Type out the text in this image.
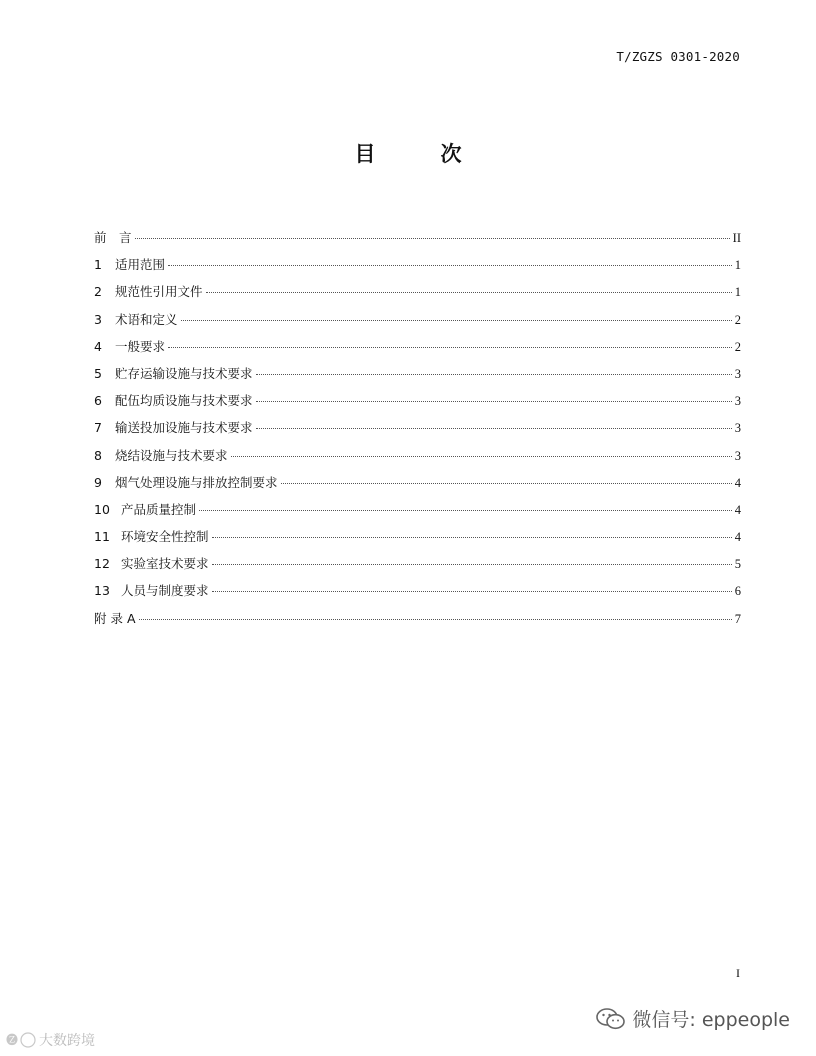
T/ZGZS 0301-2020
目　次
前　言	II
1	适用范围	1
2	规范性引用文件	1
3	术语和定义	2
4	一般要求	2
5	贮存运输设施与技术要求	3
6	配伍均质设施与技术要求	3
7	输送投加设施与技术要求	3
8	烧结设施与技术要求	3
9	烟气处理设施与排放控制要求	4
10 产品质量控制	4
11 环境安全性控制	4
12 实验室技术要求	5
13 人员与制度要求	6
附 录 A	7
I
微信号: eppeople
🅩 大数跨境
